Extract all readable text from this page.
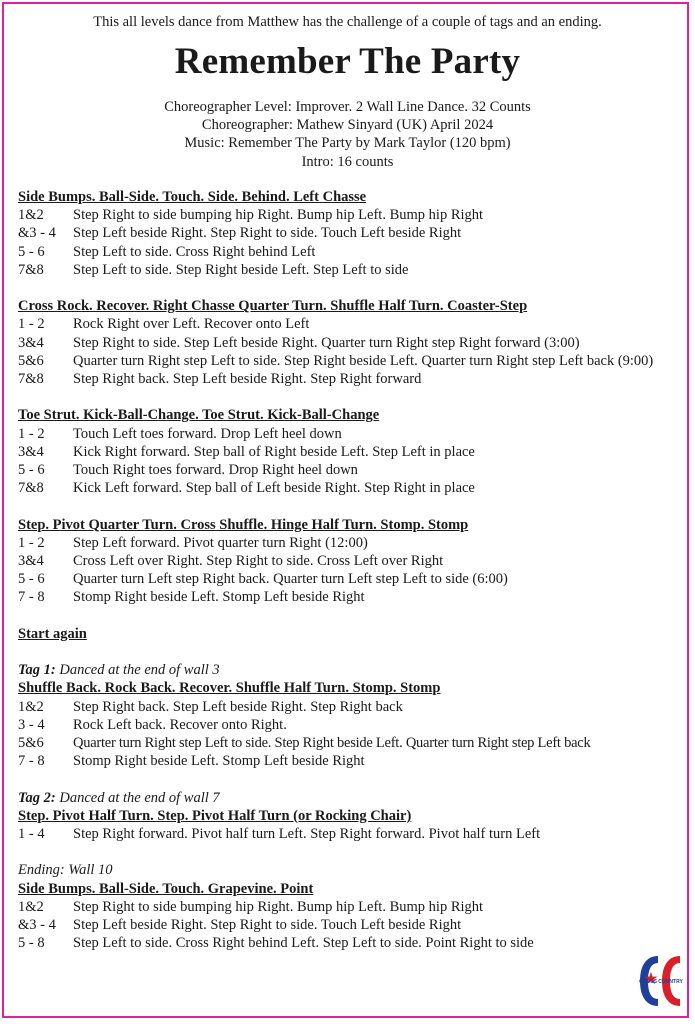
This all levels dance from Matthew has the challenge of a couple of tags and an ending.
Remember The Party
Choreographer Level: Improver. 2 Wall Line Dance. 32 Counts
Choreographer: Mathew Sinyard (UK) April 2024
Music: Remember The Party by Mark Taylor (120 bpm)
Intro: 16 counts
Side Bumps. Ball-Side. Touch. Side. Behind. Left Chasse
1&2	Step Right to side bumping hip Right. Bump hip Left. Bump hip Right
&3 - 4	Step Left beside Right. Step Right to side. Touch Left beside Right
5 - 6	Step Left to side. Cross Right behind Left
7&8	Step Left to side. Step Right beside Left. Step Left to side
Cross Rock. Recover. Right Chasse Quarter Turn. Shuffle Half Turn. Coaster-Step
1 - 2	Rock Right over Left. Recover onto Left
3&4	Step Right to side. Step Left beside Right. Quarter turn Right step Right forward (3:00)
5&6	Quarter turn Right step Left to side. Step Right beside Left. Quarter turn Right step Left back (9:00)
7&8	Step Right back. Step Left beside Right. Step Right forward
Toe Strut. Kick-Ball-Change. Toe Strut. Kick-Ball-Change
1 - 2	Touch Left toes forward. Drop Left heel down
3&4	Kick Right forward. Step ball of Right beside Left. Step Left in place
5 - 6	Touch Right toes forward. Drop Right heel down
7&8	Kick Left forward. Step ball of Left beside Right. Step Right in place
Step. Pivot Quarter Turn. Cross Shuffle. Hinge Half Turn. Stomp. Stomp
1 - 2	Step Left forward. Pivot quarter turn Right (12:00)
3&4	Cross Left over Right. Step Right to side. Cross Left over Right
5 - 6	Quarter turn Left step Right back. Quarter turn Left step Left to side (6:00)
7 - 8	Stomp Right beside Left. Stomp Left beside Right
Start again
Tag 1: Danced at the end of wall 3
Shuffle Back. Rock Back. Recover. Shuffle Half Turn. Stomp. Stomp
1&2	Step Right back. Step Left beside Right. Step Right back
3 - 4	Rock Left back. Recover onto Right.
5&6	Quarter turn Right step Left to side. Step Right beside Left. Quarter turn Right step Left back
7 - 8	Stomp Right beside Left. Stomp Left beside Right
Tag 2: Danced at the end of wall 7
Step. Pivot Half Turn. Step. Pivot Half Turn (or Rocking Chair)
1 - 4	Step Right forward. Pivot half turn Left. Step Right forward. Pivot half turn Left
Ending: Wall 10
Side Bumps. Ball-Side. Touch. Grapevine. Point
1&2	Step Right to side bumping hip Right. Bump hip Left. Bump hip Right
&3 - 4	Step Left beside Right. Step Right to side. Touch Left beside Right
5 - 8	Step Left to side. Cross Right behind Left. Step Left to side. Point Right to side
CROSS COUNTRY
